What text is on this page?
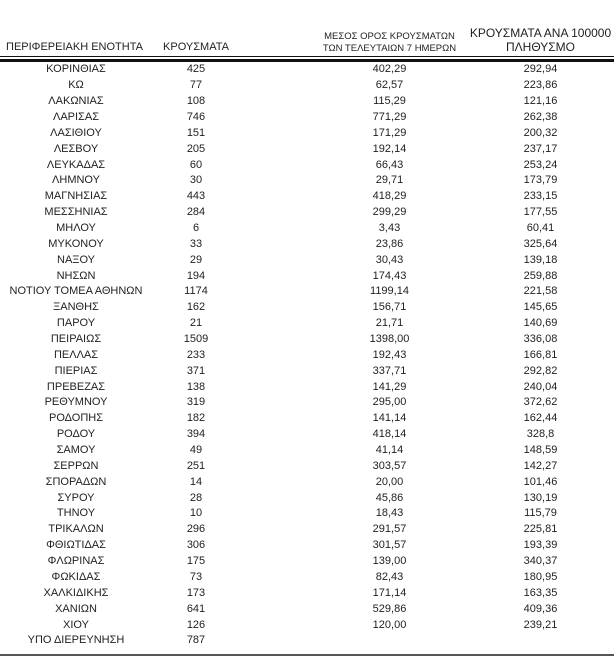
ΠΕΡΙΦΕΡΕΙΑΚΗ ΕΝΟΤΗΤΑ	ΚΡΟΥΣΜΑΤΑ
ΜΕΣΟΣ ΟΡΟΣ ΚΡΟΥΣΜΑΤΩΝ
ΤΩΝ ΤΕΛΕΥΤΑΙΩΝ 7 ΗΜΕΡΩΝ
ΚΡΟΥΣΜΑΤΑ ΑΝΑ 100000
ΠΛΗΘΥΣΜΟ
ΚΟΡΙΝΘΙΑΣ	425	402,29	292,94
ΚΩ	77	62,57	223,86
ΛΑΚΩΝΙΑΣ	108	115,29	121,16
ΛΑΡΙΣΑΣ	746	771,29	262,38
ΛΑΣΙΘΙΟΥ	151	171,29	200,32
ΛΕΣΒΟΥ	205	192,14	237,17
ΛΕΥΚΑΔΑΣ	60	66,43	253,24
ΛΗΜΝΟΥ	30	29,71	173,79
ΜΑΓΝΗΣΙΑΣ	443	418,29	233,15
ΜΕΣΣΗΝΙΑΣ	284	299,29	177,55
ΜΗΛΟΥ	6	3,43	60,41
ΜΥΚΟΝΟΥ	33	23,86	325,64
ΝΑΞΟΥ	29	30,43	139,18
ΝΗΣΩΝ	194	174,43	259,88
ΝΟΤΙΟΥ ΤΟΜΕΑ ΑΘΗΝΩΝ	1174	1199,14	221,58
ΞΑΝΘΗΣ	162	156,71	145,65
ΠΑΡΟΥ	21	21,71	140,69
ΠΕΙΡΑΙΩΣ	1509	1398,00	336,08
ΠΕΛΛΑΣ	233	192,43	166,81
ΠΙΕΡΙΑΣ	371	337,71	292,82
ΠΡΕΒΕΖΑΣ	138	141,29	240,04
ΡΕΘΥΜΝΟΥ	319	295,00	372,62
ΡΟΔΟΠΗΣ	182	141,14	162,44
ΡΟΔΟΥ	394	418,14	328,8
ΣΑΜΟΥ	49	41,14	148,59
ΣΕΡΡΩΝ	251	303,57	142,27
ΣΠΟΡΑΔΩΝ	14	20,00	101,46
ΣΥΡΟΥ	28	45,86	130,19
ΤΗΝΟΥ	10	18,43	115,79
ΤΡΙΚΑΛΩΝ	296	291,57	225,81
ΦΘΙΩΤΙΔΑΣ	306	301,57	193,39
ΦΛΩΡΙΝΑΣ	175	139,00	340,37
ΦΩΚΙΔΑΣ	73	82,43	180,95
ΧΑΛΚΙΔΙΚΗΣ	173	171,14	163,35
ΧΑΝΙΩΝ	641	529,86	409,36
ΧΙΟΥ	126	120,00	239,21
ΥΠΟ ΔΙΕΡΕΥΝΗΣΗ	787
